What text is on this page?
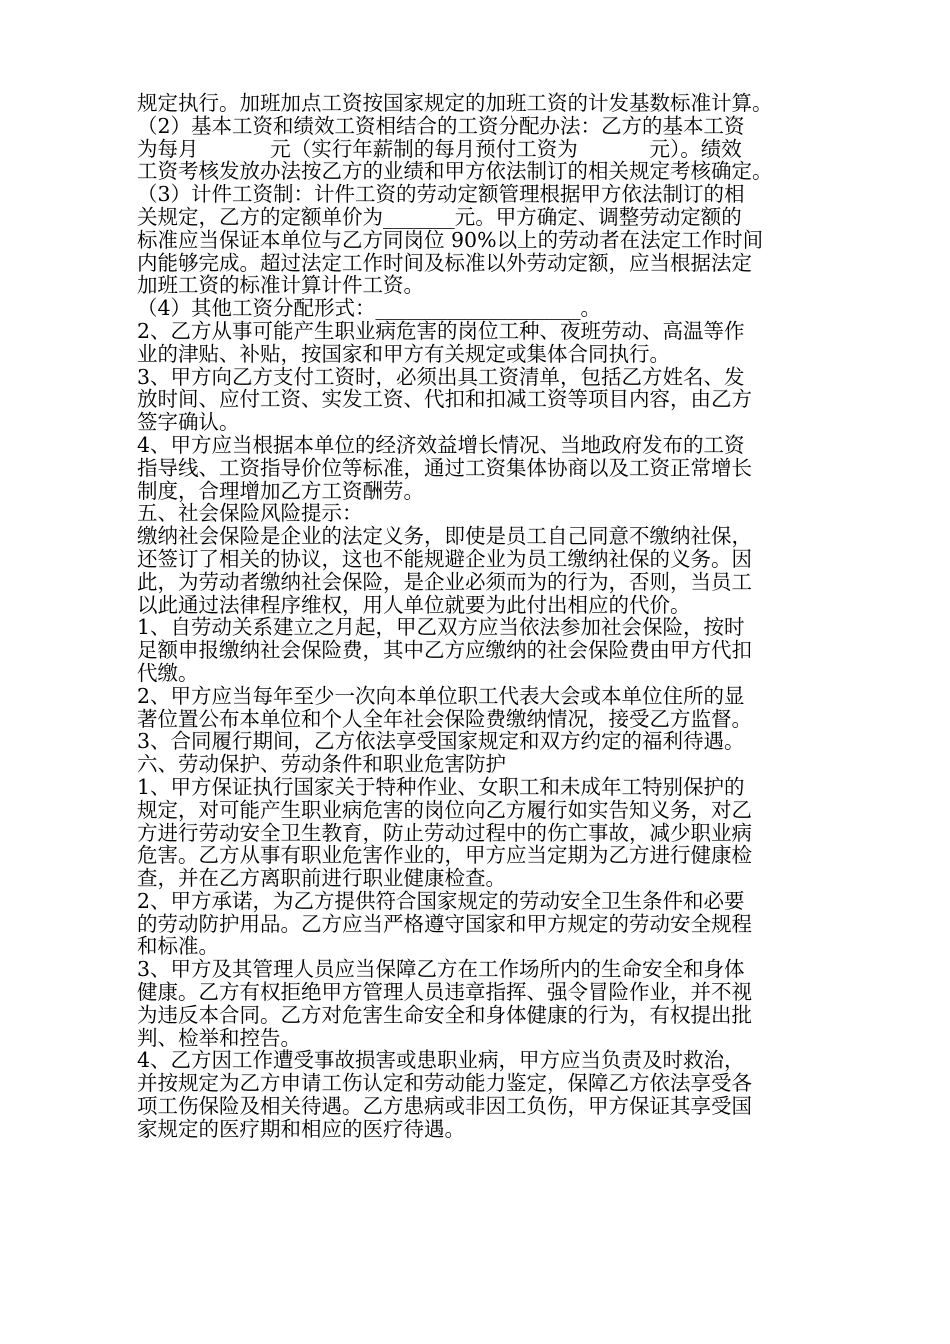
规定执行。加班加点工资按国家规定的加班工资的计发基数标准计算。
（2）基本工资和绩效工资相结合的工资分配办法：乙方的基本工资
为每月_______元（实行年薪制的每月预付工资为_______元）。绩效
工资考核发放办法按乙方的业绩和甲方依法制订的相关规定考核确定。
（3）计件工资制：计件工资的劳动定额管理根据甲方依法制订的相
关规定，乙方的定额单价为_______元。甲方确定、调整劳动定额的
标准应当保证本单位与乙方同岗位 90%以上的劳动者在法定工作时间
内能够完成。超过法定工作时间及标准以外劳动定额，应当根据法定
加班工资的标准计算计件工资。
（4）其他工资分配形式：____________________。
2、乙方从事可能产生职业病危害的岗位工种、夜班劳动、高温等作
业的津贴、补贴，按国家和甲方有关规定或集体合同执行。
3、甲方向乙方支付工资时，必须出具工资清单，包括乙方姓名、发
放时间、应付工资、实发工资、代扣和扣减工资等项目内容，由乙方
签字确认。
4、甲方应当根据本单位的经济效益增长情况、当地政府发布的工资
指导线、工资指导价位等标准，通过工资集体协商以及工资正常增长
制度，合理增加乙方工资酬劳。
五、社会保险风险提示：
缴纳社会保险是企业的法定义务，即使是员工自己同意不缴纳社保，
还签订了相关的协议，这也不能规避企业为员工缴纳社保的义务。因
此，为劳动者缴纳社会保险，是企业必须而为的行为，否则，当员工
以此通过法律程序维权，用人单位就要为此付出相应的代价。
1、自劳动关系建立之月起，甲乙双方应当依法参加社会保险，按时
足额申报缴纳社会保险费，其中乙方应缴纳的社会保险费由甲方代扣
代缴。
2、甲方应当每年至少一次向本单位职工代表大会或本单位住所的显
著位置公布本单位和个人全年社会保险费缴纳情况，接受乙方监督。
3、合同履行期间，乙方依法享受国家规定和双方约定的福利待遇。
六、劳动保护、劳动条件和职业危害防护
1、甲方保证执行国家关于特种作业、女职工和未成年工特别保护的
规定，对可能产生职业病危害的岗位向乙方履行如实告知义务，对乙
方进行劳动安全卫生教育，防止劳动过程中的伤亡事故，减少职业病
危害。乙方从事有职业危害作业的，甲方应当定期为乙方进行健康检
查，并在乙方离职前进行职业健康检查。
2、甲方承诺，为乙方提供符合国家规定的劳动安全卫生条件和必要
的劳动防护用品。乙方应当严格遵守国家和甲方规定的劳动安全规程
和标准。
3、甲方及其管理人员应当保障乙方在工作场所内的生命安全和身体
健康。乙方有权拒绝甲方管理人员违章指挥、强令冒险作业，并不视
为违反本合同。乙方对危害生命安全和身体健康的行为，有权提出批
判、检举和控告。
4、乙方因工作遭受事故损害或患职业病，甲方应当负责及时救治，
并按规定为乙方申请工伤认定和劳动能力鉴定，保障乙方依法享受各
项工伤保险及相关待遇。乙方患病或非因工负伤，甲方保证其享受国
家规定的医疗期和相应的医疗待遇。
